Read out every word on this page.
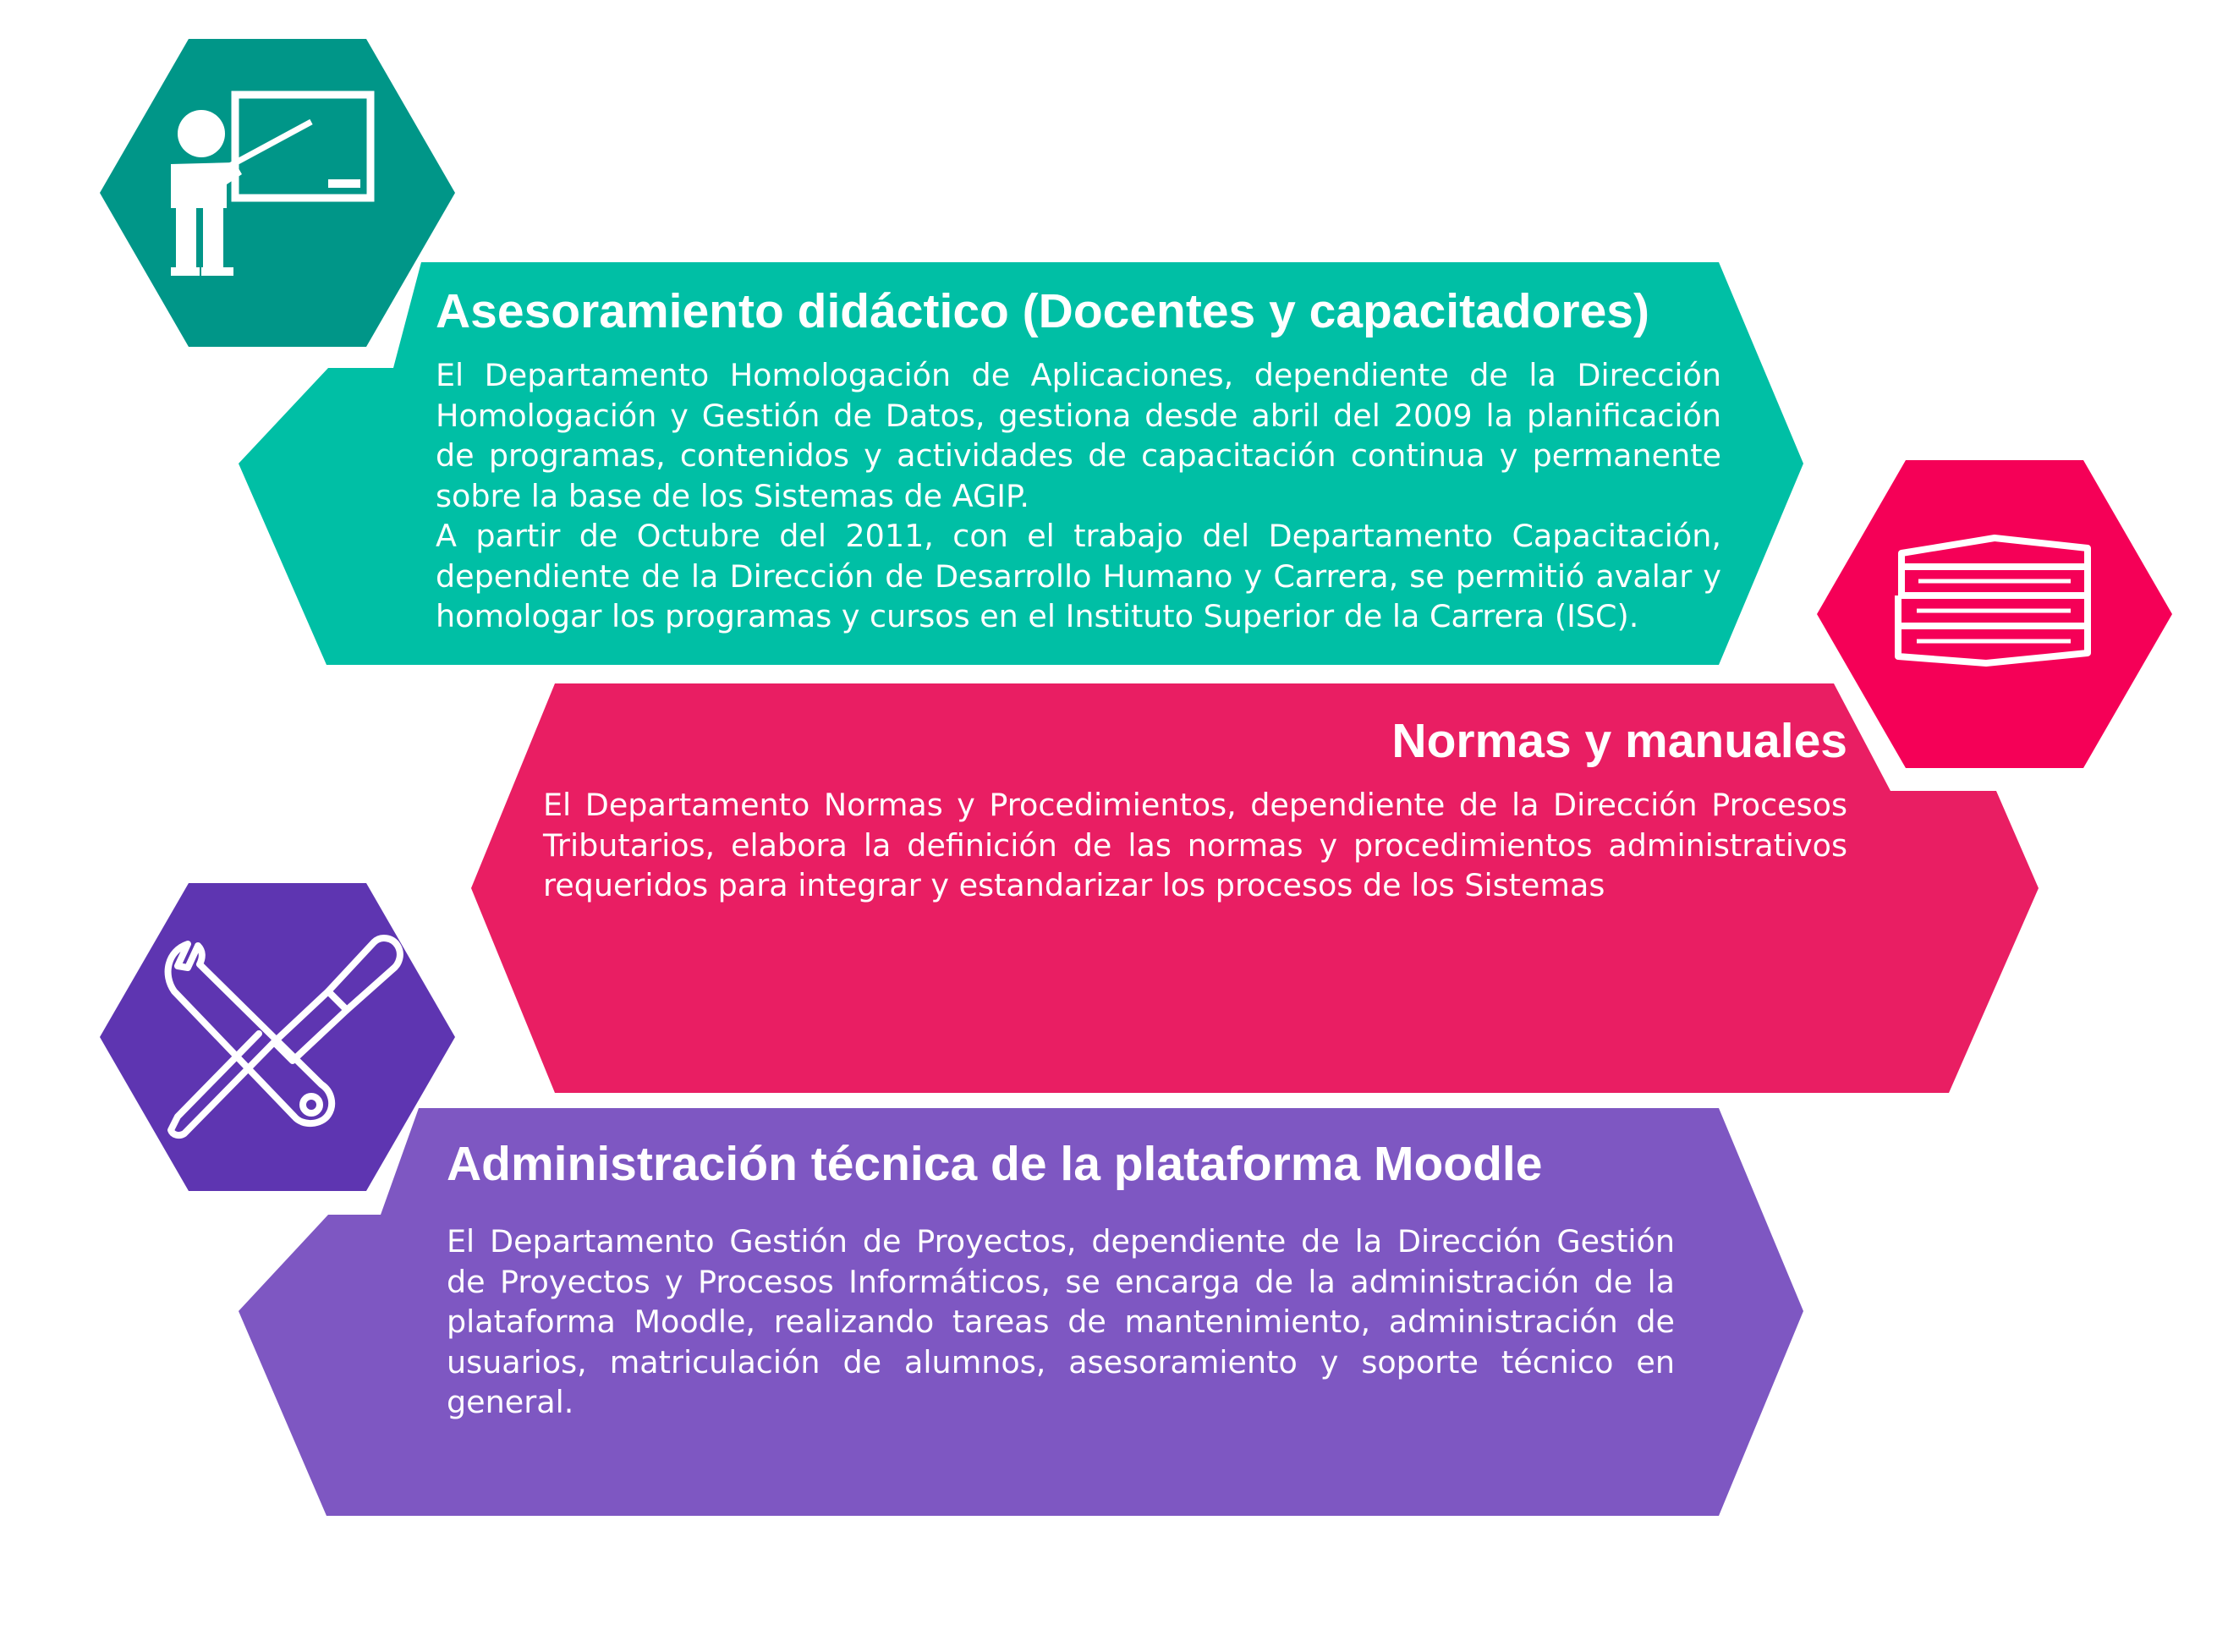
Asesoramiento didáctico (Docentes y capacitadores)

El Departamento Homologación de Aplicaciones, dependiente de la Dirección Homologación y Gestión de Datos, gestiona desde abril del 2009 la planificación de programas, contenidos y actividades de capacitación continua y permanente sobre la base de los Sistemas de AGIP.

A partir de Octubre del 2011, con el trabajo del Departamento Capacitación, dependiente de la Dirección de Desarrollo Humano y Carrera, se permitió avalar y homologar los programas y cursos en el Instituto Superior de la Carrera (ISC).

Normas y manuales

El Departamento Normas y Procedimientos, dependiente de la Dirección Procesos Tributarios, elabora la definición de las normas y procedimientos administrativos requeridos para integrar y estandarizar los procesos de los Sistemas

Administración técnica de la plataforma Moodle

El Departamento Gestión de Proyectos, dependiente de la Dirección Gestión de Proyectos y Procesos Informáticos, se encarga de la administración de la plataforma Moodle, realizando tareas de mantenimiento, administración de usuarios, matriculación de alumnos, asesoramiento y soporte técnico en general.
